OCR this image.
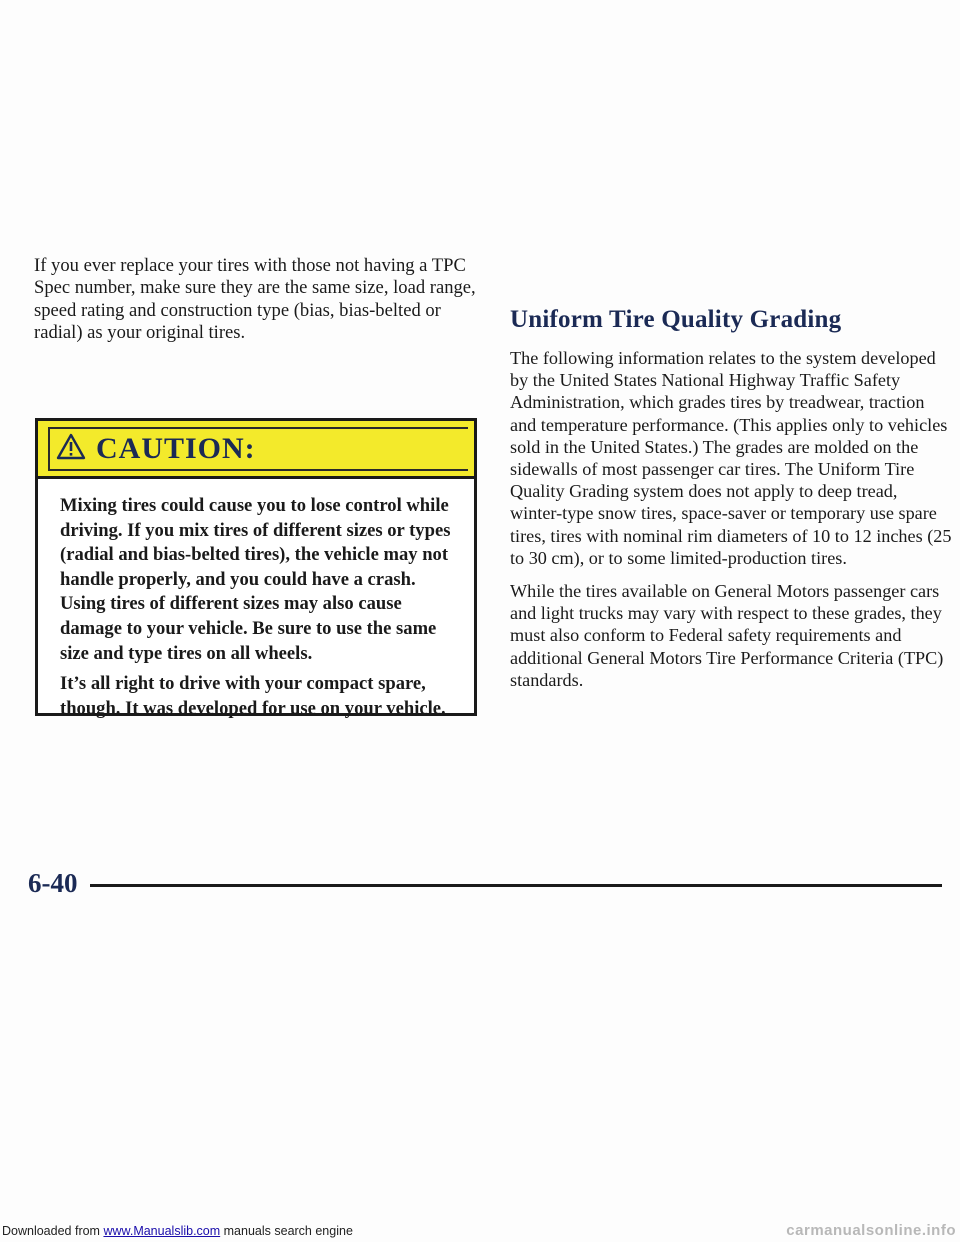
If you ever replace your tires with those not having a TPC Spec number, make sure they are the same size, load range, speed rating and construction type (bias, bias-belted or radial) as your original tires.

CAUTION:

Mixing tires could cause you to lose control while driving. If you mix tires of different sizes or types (radial and bias-belted tires), the vehicle may not handle properly, and you could have a crash. Using tires of different sizes may also cause damage to your vehicle. Be sure to use the same size and type tires on all wheels.

It’s all right to drive with your compact spare, though. It was developed for use on your vehicle.

Uniform Tire Quality Grading

The following information relates to the system developed by the United States National Highway Traffic Safety Administration, which grades tires by treadwear, traction and temperature performance. (This applies only to vehicles sold in the United States.) The grades are molded on the sidewalls of most passenger car tires. The Uniform Tire Quality Grading system does not apply to deep tread, winter-type snow tires, space-saver or temporary use spare tires, tires with nominal rim diameters of 10 to 12 inches (25 to 30 cm), or to some limited-production tires.

While the tires available on General Motors passenger cars and light trucks may vary with respect to these grades, they must also conform to Federal safety requirements and additional General Motors Tire Performance Criteria (TPC) standards.

6-40
Downloaded from www.Manualslib.com manuals search engine	carmanualsonline.info
